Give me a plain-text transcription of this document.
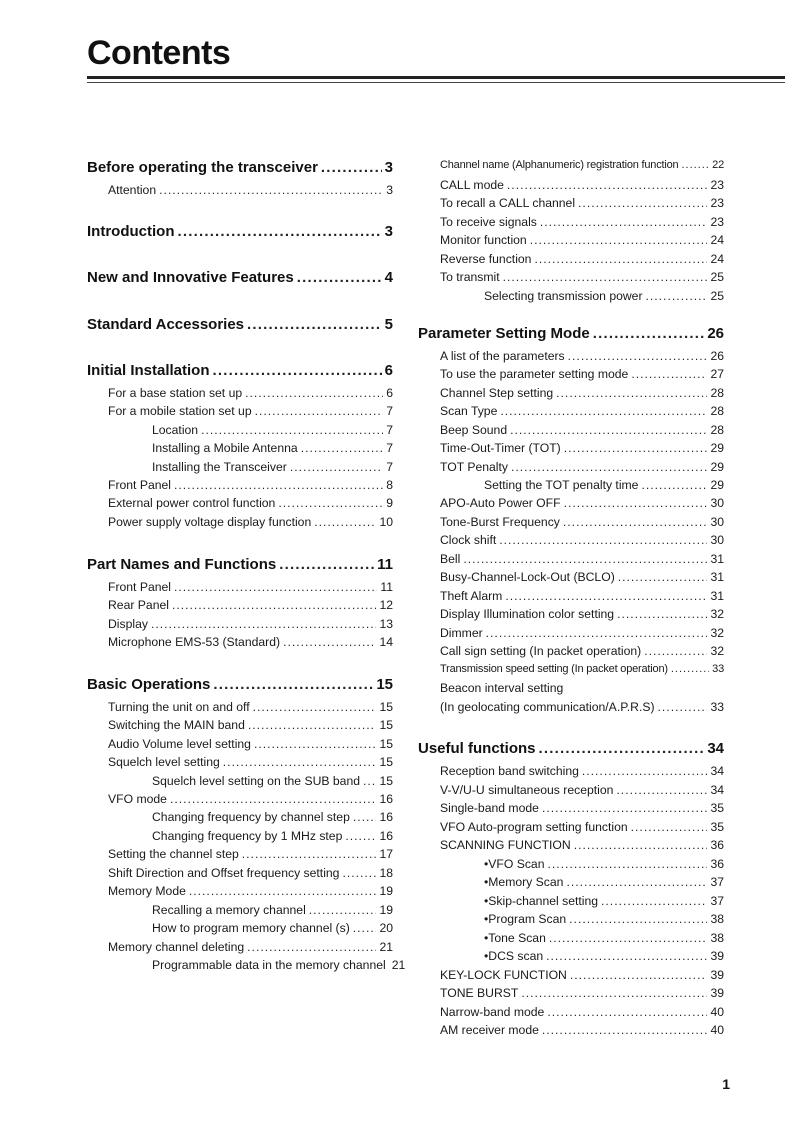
Contents
Before operating the transceiver .....	3
Attention .....	3
Introduction .....	3
New and Innovative Features .....	4
Standard Accessories .....	5
Initial Installation .....	6
For a base station set up .....	6
For a mobile station set up .....	7
Location .....	7
Installing a Mobile Antenna .....	7
Installing the Transceiver .....	7
Front Panel .....	8
External power control function .....	9
Power supply voltage display function .....	10
Part Names and Functions .....	11
Front Panel .....	11
Rear Panel .....	12
Display .....	13
Microphone EMS-53 (Standard) .....	14
Basic Operations .....	15
Turning the unit on and off .....	15
Switching the MAIN band .....	15
Audio Volume level setting .....	15
Squelch level setting .....	15
Squelch level setting on the SUB band ..... 15
VFO mode .....	16
Changing frequency by channel step ..... 16
Changing frequency by 1 MHz step .....	16
Setting the channel step .....	17
Shift Direction and Offset frequency setting .....	18
Memory Mode .....	19
Recalling a memory channel .....	19
How to program memory channel (s) ..... 20
Memory channel deleting .....	21
Programmable data in the memory channel 21
Channel name (Alphanumeric) registration function .....	22
CALL mode .....	23
To recall a CALL channel .....	23
To receive signals .....	23
Monitor function .....	24
Reverse function .....	24
To transmit .....	25
Selecting transmission power .....	25
Parameter Setting Mode .....	26
A list of the parameters .....	26
To use the parameter setting mode .....	27
Channel Step setting .....	28
Scan Type .....	28
Beep Sound .....	28
Time-Out-Timer (TOT) .....	29
TOT Penalty .....	29
Setting the TOT penalty time .....	29
APO-Auto Power OFF .....	30
Tone-Burst Frequency .....	30
Clock shift .....	30
Bell .....	31
Busy-Channel-Lock-Out (BCLO) .....	31
Theft Alarm .....	31
Display Illumination color setting .....	32
Dimmer .....	32
Call sign setting (In packet operation) .....	32
Transmission speed setting (In packet operation) .....	33
Beacon interval setting
(In geolocating communication/A.P.R.S) .....	33
Useful functions .....	34
Reception band switching .....	34
V-V/U-U simultaneous reception .....	34
Single-band mode .....	35
VFO Auto-program setting function .....	35
SCANNING FUNCTION .....	36
•VFO Scan .....	36
•Memory Scan .....	37
•Skip-channel setting .....	37
•Program Scan .....	38
•Tone Scan .....	38
•DCS scan .....	39
KEY-LOCK FUNCTION .....	39
TONE BURST .....	39
Narrow-band mode .....	40
AM receiver mode .....	40
1
